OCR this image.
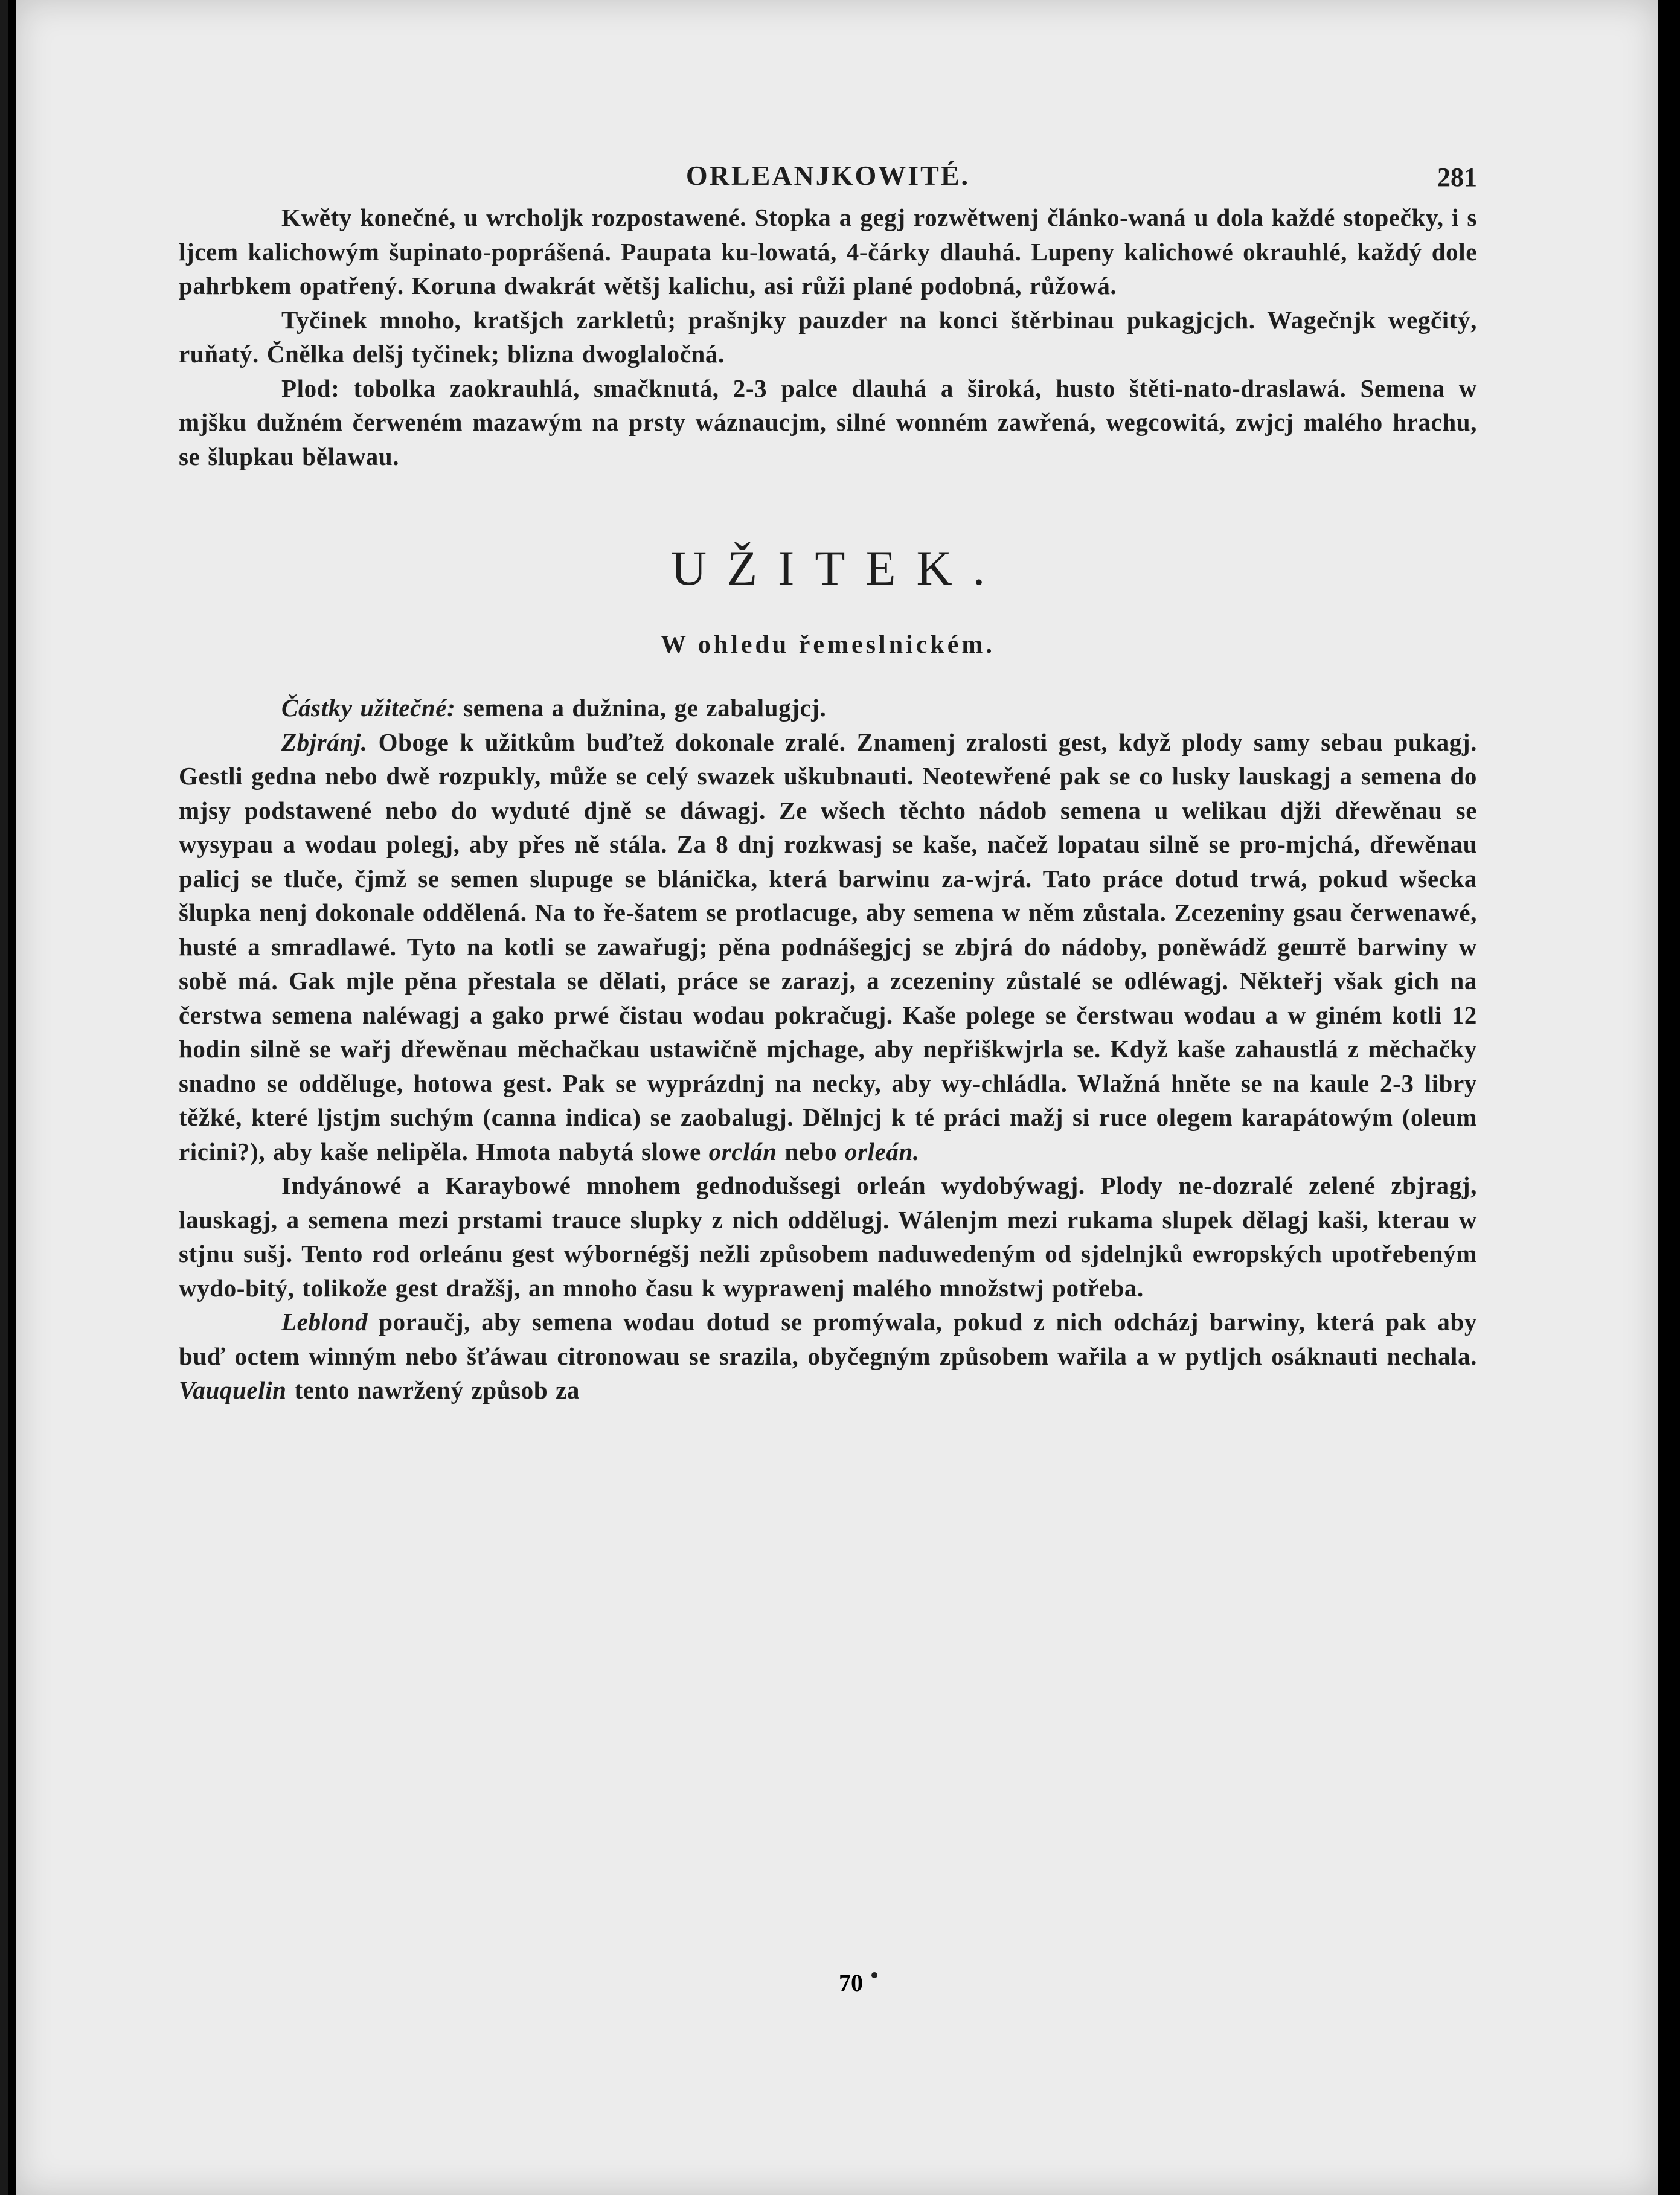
ORLEANJKOWITÉ.	281

Kwěty konečné, u wrcholjk rozpostawené. Stopka a gegj rozwětwenj článko-waná u dola každé stopečky, i s ljcem kalichowým šupinato-poprášená. Paupata ku-lowatá, 4-čárky dlauhá. Lupeny kalichowé okrauhlé, každý dole pahrbkem opatřený. Koruna dwakrát wětšj kalichu, asi růži plané podobná, růžowá.

Tyčinek mnoho, kratšjch zarkletů; prašnjky pauzder na konci štěrbinau pukagjcjch. Wagečnjk wegčitý, ruňatý. Čnělka delšj tyčinek; blizna dwoglaločná.

Plod: tobolka zaokrauhlá, smačknutá, 2-3 palce dlauhá a široká, husto štěti-nato-draslawá. Semena w mjšku dužném čerweném mazawým na prsty wáznaucjm, silné wonném zawřená, wegcowitá, zwjcj malého hrachu, se šlupkau bělawau.

UŽITEK.
W ohledu řemeslnickém.

Částky užitečné: semena a dužnina, ge zabalugjcj.

Zbjránj. Oboge k užitkům buďtež dokonale zralé. Znamenj zralosti gest, když plody samy sebau pukagj. Gestli gedna nebo dwě rozpukly, může se celý swazek uškubnauti. Neotewřené pak se co lusky lauskagj a semena do mjsy podstawené nebo do wyduté djně se dáwagj. Ze wšech těchto nádob semena u welikau djži dřewěnau se wysypau a wodau polegj, aby přes ně stála. Za 8 dnj rozkwasj se kaše, načež lopatau silně se pro-mjchá, dřewěnau palicj se tluče, čjmž se semen slupuge se blánička, která barwinu za-wjrá. Tato práce dotud trwá, pokud wšecka šlupka nenj dokonale oddělená. Na to ře-šatem se protlacuge, aby semena w něm zůstala. Zcezeniny gsau čerwenawé, husté a smradlawé. Tyto na kotli se zawařugj; pěna podnášegjcj se zbjrá do nádoby, poněwádž gештě barwiny w sobě má. Gak mjle pěna přestala se dělati, práce se zarazj, a zcezeniny zůstalé se odléwagj. Někteřj však gich na čerstwa semena naléwagj a gako prwé čistau wodau pokračugj. Kaše polege se čerstwau wodau a w giném kotli 12 hodin silně se wařj dřewěnau měchačkau ustawičně mjchage, aby nepřiškwjrla se. Když kaše zahaustlá z měchačky snadno se odděluge, hotowa gest. Pak se wyprázdnj na necky, aby wy-chládla. Wlažná hněte se na kaule 2-3 libry těžké, které ljstjm suchým (canna indica) se zaobalugj. Dělnjcj k té práci mažj si ruce olegem karapátowým (oleum ricini?), aby kaše nelipěla. Hmota nabytá slowe orclán nebo orleán.

Indyánowé a Karaybowé mnohem gednodušsegi orleán wydobýwagj. Plody ne-dozralé zelené zbjragj, lauskagj, a semena mezi prstami trauce slupky z nich oddělugj. Wálenjm mezi rukama slupek dělagj kaši, kterau w stjnu sušj. Tento rod orleánu gest wýbornégšj nežli způsobem naduwedeným od sjdelnjků ewropských upotřebeným wydo-bitý, tolikože gest dražšj, an mnoho času k wyprawenj malého množstwj potřeba.

Leblond poraučj, aby semena wodau dotud se promýwala, pokud z nich odcházj barwiny, která pak aby buď octem winným nebo šťáwau citronowau se srazila, obyčegným způsobem wařila a w pytljch osáknauti nechala. Vauquelin tento nawržený způsob za

70
